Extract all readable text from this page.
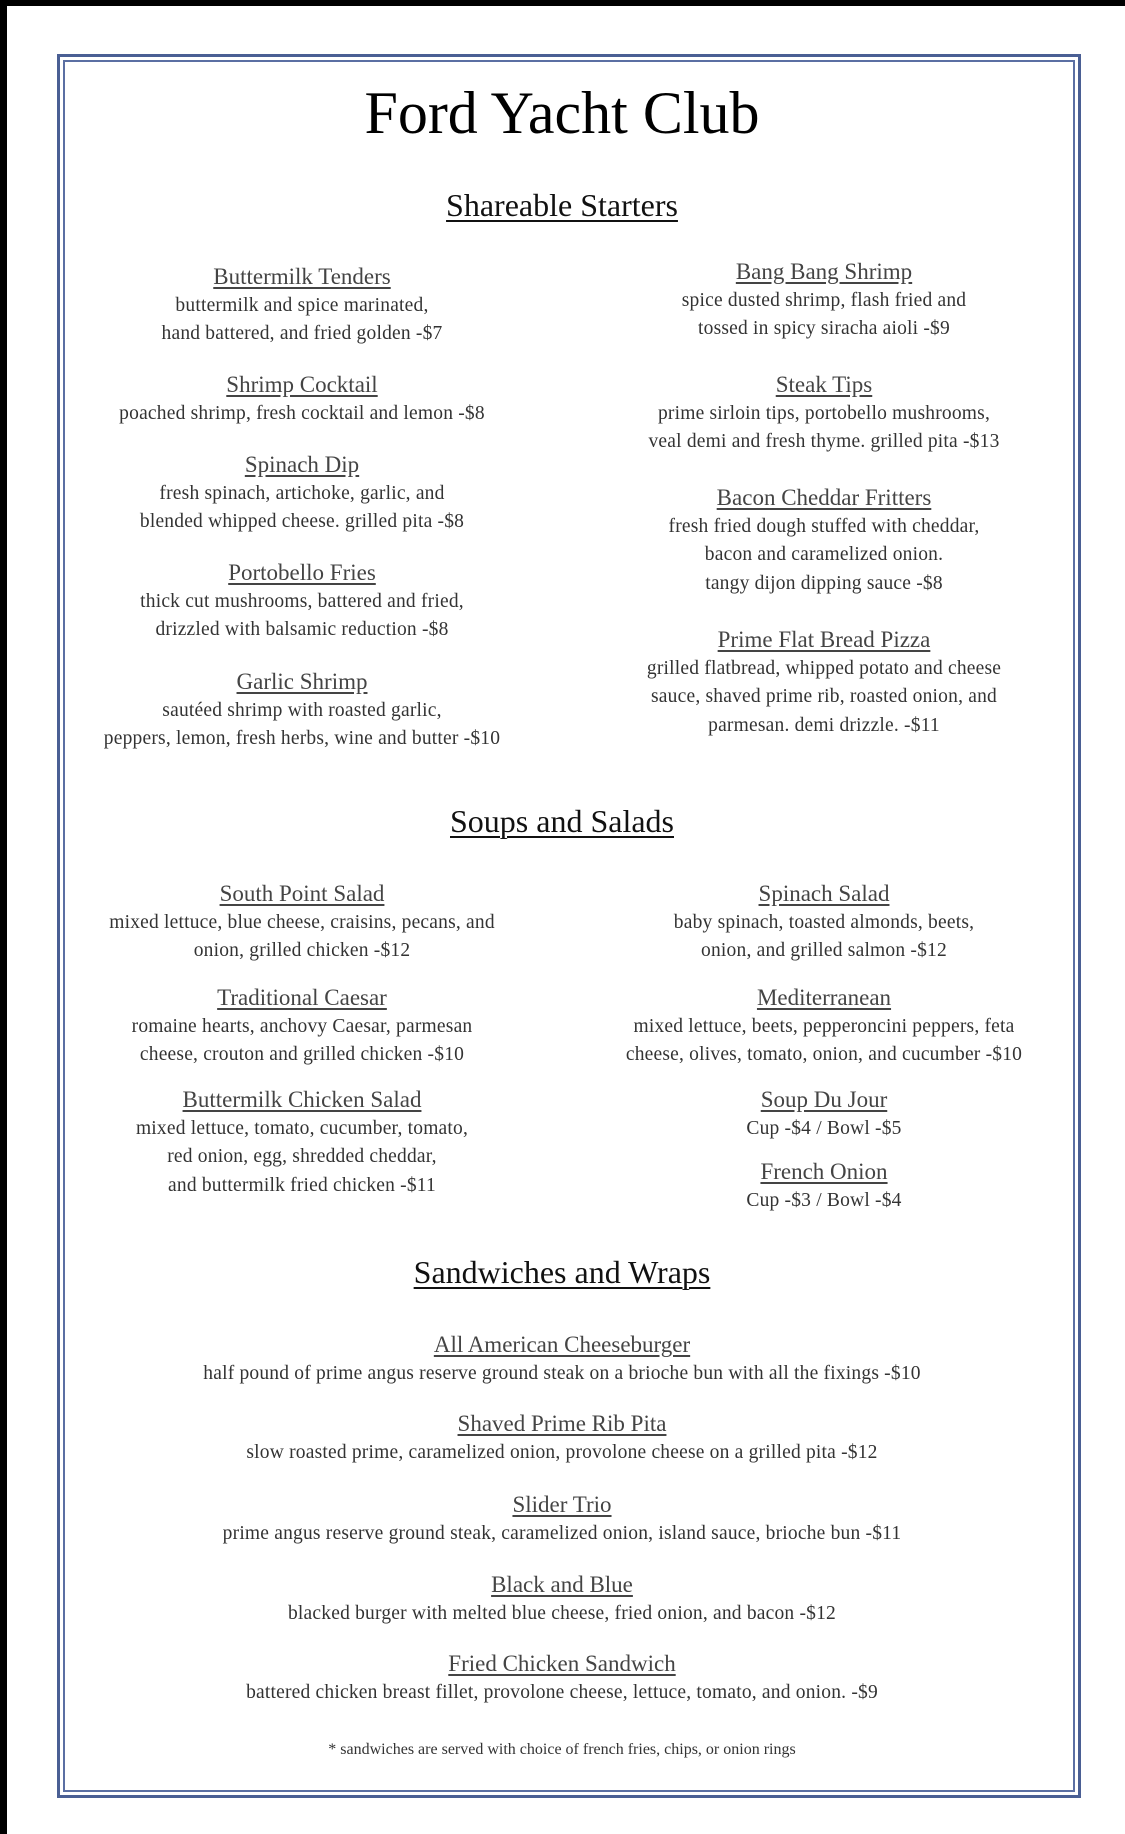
Ford Yacht Club
Shareable Starters
Buttermilk Tenders
buttermilk and spice marinated,
hand battered, and fried golden -$7
Shrimp Cocktail
poached shrimp, fresh cocktail and lemon -$8
Spinach Dip
fresh spinach, artichoke, garlic, and
blended whipped cheese. grilled pita -$8
Portobello Fries
thick cut mushrooms, battered and fried,
drizzled with balsamic reduction -$8
Garlic Shrimp
sautéed shrimp with roasted garlic,
peppers, lemon, fresh herbs, wine and butter -$10
Bang Bang Shrimp
spice dusted shrimp, flash fried and
tossed in spicy siracha aioli -$9
Steak Tips
prime sirloin tips, portobello mushrooms,
veal demi and fresh thyme. grilled pita -$13
Bacon Cheddar Fritters
fresh fried dough stuffed with cheddar,
bacon and caramelized onion.
tangy dijon dipping sauce -$8
Prime Flat Bread Pizza
grilled flatbread, whipped potato and cheese
sauce, shaved prime rib, roasted onion, and
parmesan. demi drizzle. -$11
Soups and Salads
South Point Salad
mixed lettuce, blue cheese, craisins, pecans, and
onion, grilled chicken -$12
Traditional Caesar
romaine hearts, anchovy Caesar, parmesan
cheese, crouton and grilled chicken -$10
Buttermilk Chicken Salad
mixed lettuce, tomato, cucumber, tomato,
red onion, egg, shredded cheddar,
and buttermilk fried chicken -$11
Spinach Salad
baby spinach, toasted almonds, beets,
onion, and grilled salmon -$12
Mediterranean
mixed lettuce, beets, pepperoncini peppers, feta
cheese, olives, tomato, onion, and cucumber -$10
Soup Du Jour
Cup -$4 / Bowl -$5
French Onion
Cup -$3 / Bowl -$4
Sandwiches and Wraps
All American Cheeseburger
half pound of prime angus reserve ground steak on a brioche bun with all the fixings -$10
Shaved Prime Rib Pita
slow roasted prime, caramelized onion, provolone cheese on a grilled pita -$12
Slider Trio
prime angus reserve ground steak, caramelized onion, island sauce, brioche bun -$11
Black and Blue
blacked burger with melted blue cheese, fried onion, and bacon -$12
Fried Chicken Sandwich
battered chicken breast fillet, provolone cheese, lettuce, tomato, and onion. -$9
* sandwiches are served with choice of french fries, chips, or onion rings
